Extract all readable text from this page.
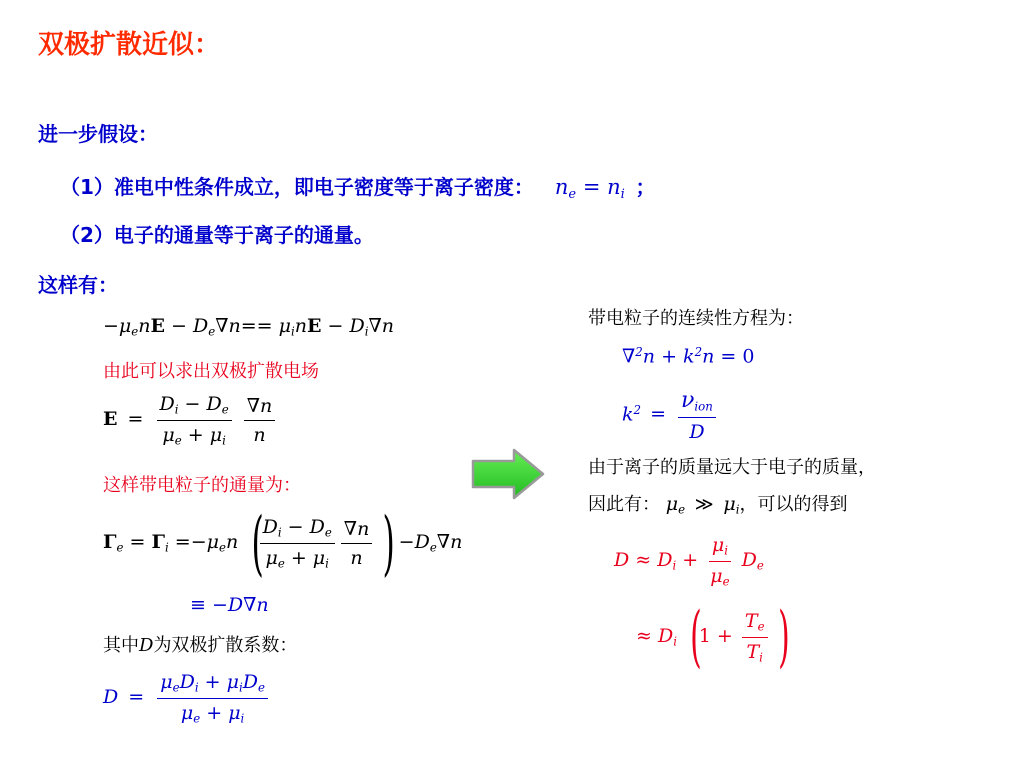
双极扩散近似：
进一步假设：
（1）准电中性条件成立，即电子密度等于离子密度： $n_e = n_i$ ；
（2）电子的通量等于离子的通量。
这样有：
$-\mu_enE - D_e\nabla n== \mu_inE - D_i\nabla n$
由此可以求出双极扩散电场
$E = \frac{D_i - D_e}{\mu_e + \mu_i}$
$\frac{\nabla n}{n}$
这样带电粒子的通量为：
$\Gamma_e = \Gamma_i =-\mu_en$ (
$\frac{D_i - D_e}{\mu_e + \mu_i} \frac{\nabla n}{n}$ ) $-D_e\nabla n$
≡ −D∇n
其中D为双极扩散系数：
$D = \frac{\mu_eD_i + \mu_iD_e}{\mu_e + \mu_i}$
带电粒子的连续性方程为：
$\nabla^2n + k^2n = 0$
$k^2 = \frac{\nu_{ion}}{D}$
由于离子的质量远大于电子的质量，
因此有： $\mu_e$ ≫ $\mu_i$，可以的得到
$D \approx D_i + \frac{\mu_i}{\mu_e} D_e$
≈ $D_i$ ($1 + \frac{T_e}{T_i}$ )
